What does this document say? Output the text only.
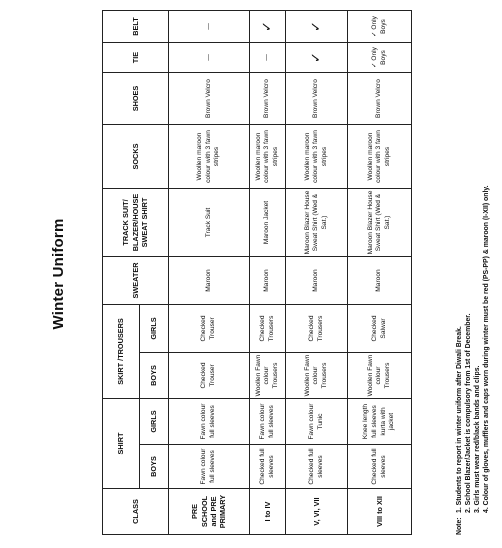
Winter Uniform
CLASS	SHIRT		SKIRT /TROUSERS		SWEATER	TRACK SUIT/ BLAZER/HOUSE SWEAT SHIRT	SOCKS	SHOES	TIE	BELT
	BOYS	GIRLS	BOYS	GIRLS						
PRE SCHOOL and PRE PRIMARY	Fawn colour full sleeves	Fawn colour full sleeves	Checked Trouser	Checked Trouser	Maroon	Track Suit	Woollen maroon colour with 3 fawn stripes	Brown Velcro	—	—
I to IV	Checked full sleeves	Fawn colour full sleeves	Woollen Fawn colour Trousers	Checked Trousers	Maroon	Maroon Jacket	Woollen maroon colour with 3 fawn stripes	Brown Velcro	—	✓
V, VI, VII	Checked full sleeves	Fawn colour Tunic	Woollen Fawn colour Trousers	Checked Trousers	Maroon	Maroon Blazer House Sweat Shirt (Wed & Sat.)	Woollen maroon colour with 3 fawn stripes	Brown Velcro	✓	✓
VIII to XII	Checked full sleeves	Knee length full sleeves kurta with jacket	Woollen Fawn colour Trousers	Checked Salwar	Maroon	Maroon Blazer House Sweat Shirt (Wed & Sat.)	Woollen maroon colour with 3 fawn stripes	Brown Velcro	✓ Only Boys	✓ Only Boys
Note:
1. Students to report in winter uniform after Diwali Break. 2. School Blazer/Jacket is compulsory from 1st of December. 3. Girls must wear red/black bands and clips. 4. Colour of gloves, mufflers and caps worn during winter must be red (PS-PP) & maroon (I-XII) only.
